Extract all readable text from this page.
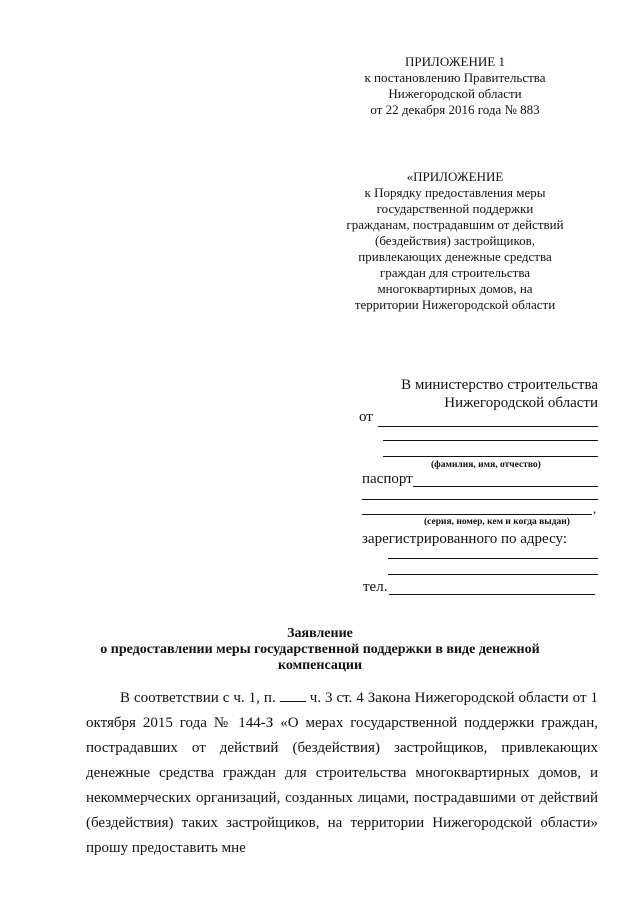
ПРИЛОЖЕНИЕ 1
к постановлению Правительства
Нижегородской области
от 22 декабря 2016 года № 883
«ПРИЛОЖЕНИЕ
к Порядку предоставления меры
государственной поддержки
гражданам, пострадавшим от действий
(бездействия) застройщиков,
привлекающих денежные средства
граждан для строительства
многоквартирных домов, на
территории Нижегородской области
В министерство строительства
Нижегородской области
от
(фамилия, имя, отчество)
паспорт
,
(серия, номер, кем и когда выдан)
зарегистрированного по адресу:
тел.
Заявление
о предоставлении меры государственной поддержки в виде денежной
компенсации
В соответствии с ч. 1, п. ч. 3 ст. 4 Закона Нижегородской области от 1 октября 2015 года № 144-З «О мерах государственной поддержки граждан, пострадавших от действий (бездействия) застройщиков, привлекающих денежные средства граждан для строительства многоквартирных домов, и некоммерческих организаций, созданных лицами, пострадавшими от действий (бездействия) таких застройщиков, на территории Нижегородской области» прошу предоставить мне
